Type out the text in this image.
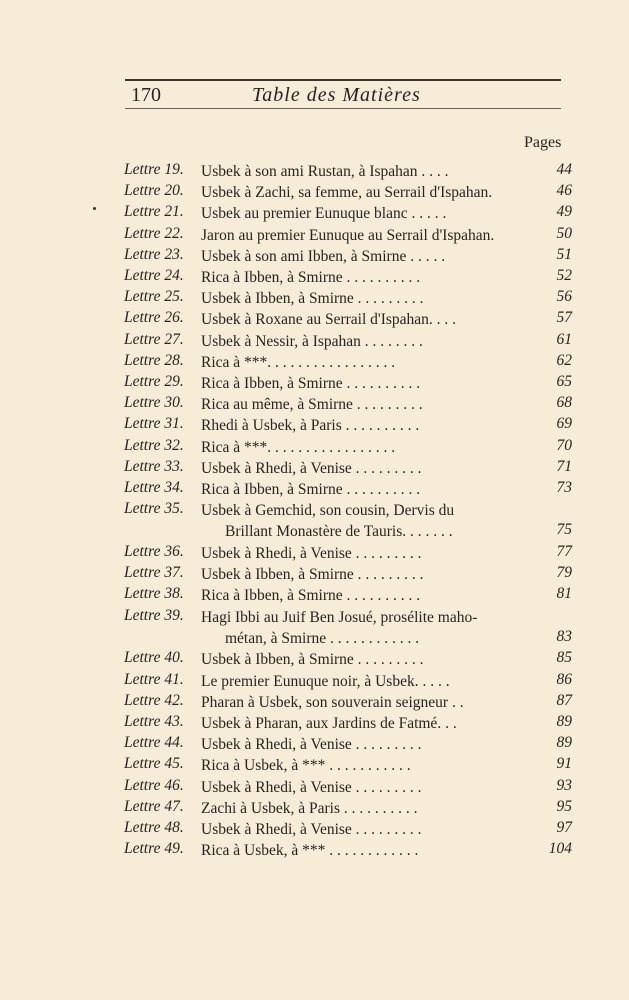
170	Table des Matières
Pages
Lettre 19. Usbek à son ami Rustan, à Ispahan . . . .	44
Lettre 20. Usbek à Zachi, sa femme, au Serrail d'Ispahan.	46
Lettre 21. Usbek au premier Eunuque blanc . . . . .	49
Lettre 22. Jaron au premier Eunuque au Serrail d'Ispahan.	50
Lettre 23. Usbek à son ami Ibben, à Smirne . . . . .	51
Lettre 24. Rica à Ibben, à Smirne . . . . . . . . . .	52
Lettre 25. Usbek à Ibben, à Smirne . . . . . . . . .	56
Lettre 26. Usbek à Roxane au Serrail d'Ispahan. . . .	57
Lettre 27. Usbek à Nessir, à Ispahan . . . . . . . .	61
Lettre 28. Rica à ***. . . . . . . . . . . . . . . . .	62
Lettre 29. Rica à Ibben, à Smirne . . . . . . . . . .	65
Lettre 30. Rica au même, à Smirne . . . . . . . . .	68
Lettre 31. Rhedi à Usbek, à Paris . . . . . . . . . .	69
Lettre 32. Rica à ***. . . . . . . . . . . . . . . . .	70
Lettre 33. Usbek à Rhedi, à Venise . . . . . . . . .	71
Lettre 34. Rica à Ibben, à Smirne . . . . . . . . . .	73
Lettre 35. Usbek à Gemchid, son cousin, Dervis du
Brillant Monastère de Tauris. . . . . . .	75
Lettre 36. Usbek à Rhedi, à Venise . . . . . . . . .	77
Lettre 37. Usbek à Ibben, à Smirne . . . . . . . . .	79
Lettre 38. Rica à Ibben, à Smirne . . . . . . . . . .	81
Lettre 39. Hagi Ibbi au Juif Ben Josué, prosélite maho-
métan, à Smirne . . . . . . . . . . . .	83
Lettre 40. Usbek à Ibben, à Smirne . . . . . . . . .	85
Lettre 41. Le premier Eunuque noir, à Usbek. . . . .	86
Lettre 42. Pharan à Usbek, son souverain seigneur . .	87
Lettre 43. Usbek à Pharan, aux Jardins de Fatmé. . .	89
Lettre 44. Usbek à Rhedi, à Venise . . . . . . . . .	89
Lettre 45. Rica à Usbek, à *** . . . . . . . . . . .	91
Lettre 46. Usbek à Rhedi, à Venise . . . . . . . . .	93
Lettre 47. Zachi à Usbek, à Paris . . . . . . . . . .	95
Lettre 48. Usbek à Rhedi, à Venise . . . . . . . . .	97
Lettre 49. Rica à Usbek, à *** . . . . . . . . . . . .	104
